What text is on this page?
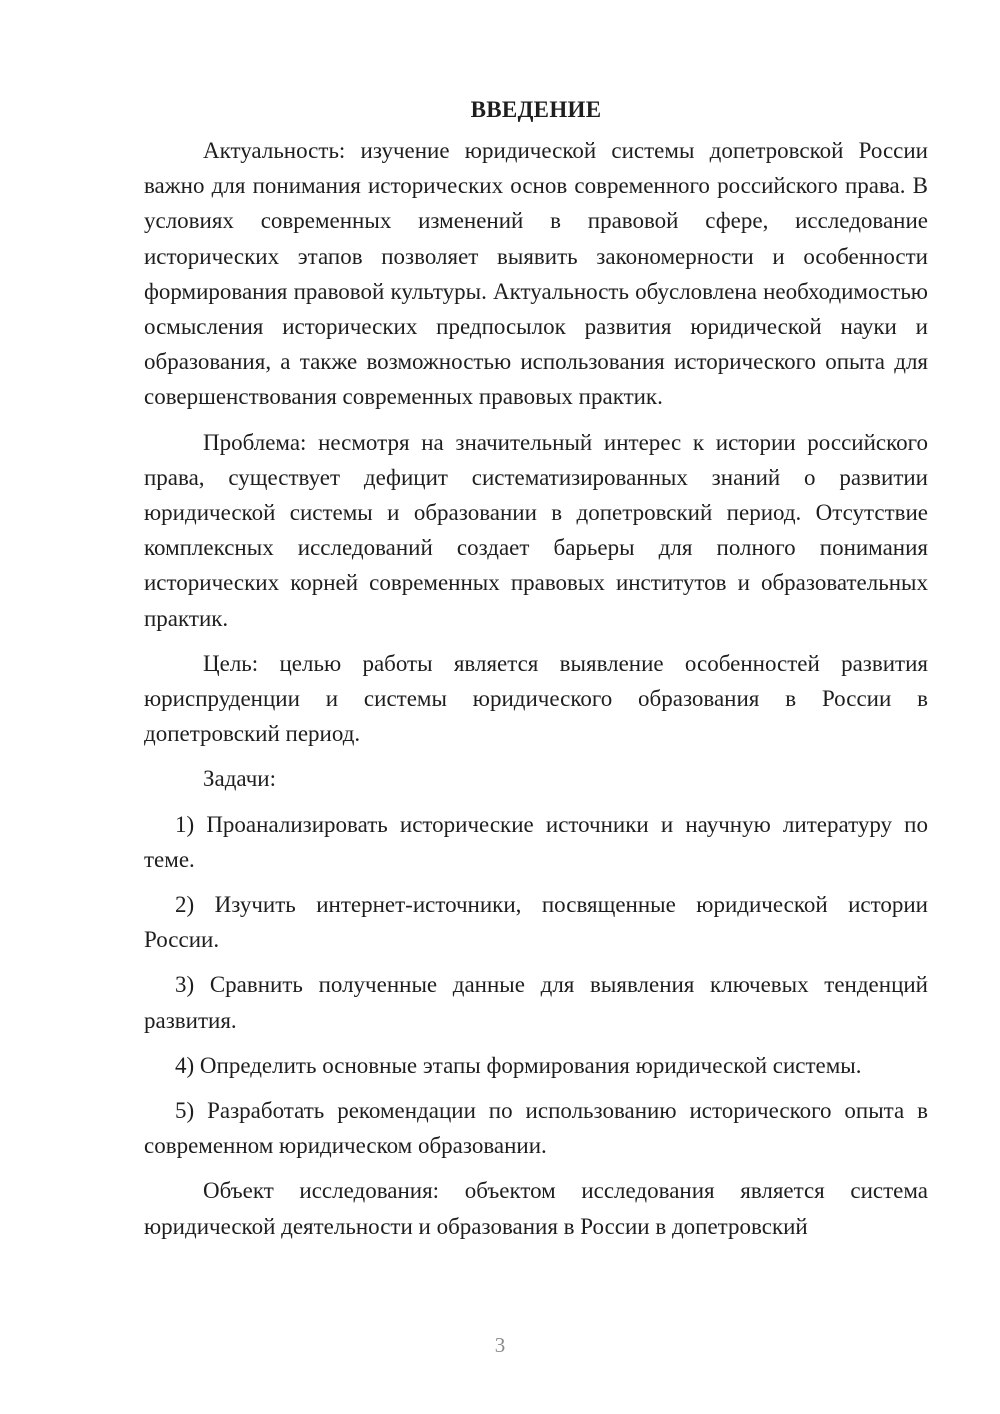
ВВЕДЕНИЕ

Актуальность: изучение юридической системы допетровской России важно для понимания исторических основ современного российского права. В условиях современных изменений в правовой сфере, исследование исторических этапов позволяет выявить закономерности и особенности формирования правовой культуры. Актуальность обусловлена необходимостью осмысления исторических предпосылок развития юридической науки и образования, а также возможностью использования исторического опыта для совершенствования современных правовых практик.

Проблема: несмотря на значительный интерес к истории российского права, существует дефицит систематизированных знаний о развитии юридической системы и образовании в допетровский период. Отсутствие комплексных исследований создает барьеры для полного понимания исторических корней современных правовых институтов и образовательных практик.

Цель: целью работы является выявление особенностей развития юриспруденции и системы юридического образования в России в допетровский период.

Задачи:

1) Проанализировать исторические источники и научную литературу по теме.

2) Изучить интернет-источники, посвященные юридической истории России.

3) Сравнить полученные данные для выявления ключевых тенденций развития.

4) Определить основные этапы формирования юридической системы.

5) Разработать рекомендации по использованию исторического опыта в современном юридическом образовании.

Объект исследования: объектом исследования является система юридической деятельности и образования в России в допетровский

3
